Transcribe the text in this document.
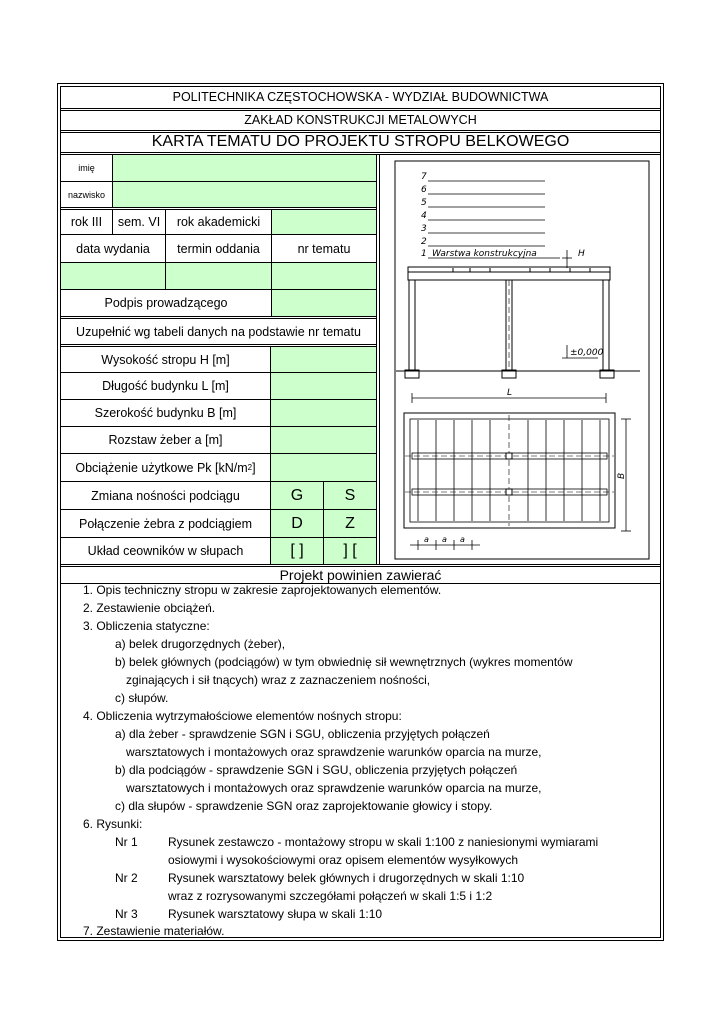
POLITECHNIKA CZĘSTOCHOWSKA - WYDZIAŁ BUDOWNICTWA
ZAKŁAD KONSTRUKCJI METALOWYCH
KARTA TEMATU DO PROJEKTU STROPU BELKOWEGO
imię
nazwisko
rok III	sem. VI	rok akademicki
data wydania	termin oddania	nr tematu
Podpis prowadzącego
Uzupełnić wg tabeli danych na podstawie nr tematu
Wysokość stropu H [m]
Długość budynku L [m]
Szerokość budynku B [m]
Rozstaw żeber a [m]
Obciążenie użytkowe Pk [kN/m 2 ]
Zmiana nośności podciągu	G	S
Połączenie żebra z podciągiem	D	Z
Układ ceowników w słupach	[ ]	] [
7
6
5
4
3
2
1 Warstwa konstrukcyjna	H
±0,000
L
B
a a a
Projekt powinien zawierać
1. Opis techniczny stropu w zakresie zaprojektowanych elementów.
2. Zestawienie obciążeń.
3. Obliczenia statyczne:
a) belek drugorzędnych (żeber),
b) belek głównych (podciągów) w tym obwiednię sił wewnętrznych (wykres momentów
zginających i sił tnących) wraz z zaznaczeniem nośności,
c) słupów.
4. Obliczenia wytrzymałościowe elementów nośnych stropu:
a) dla żeber - sprawdzenie SGN i SGU, obliczenia przyjętych połączeń
warsztatowych i montażowych oraz sprawdzenie warunków oparcia na murze,
b) dla podciągów - sprawdzenie SGN i SGU, obliczenia przyjętych połączeń
warsztatowych i montażowych oraz sprawdzenie warunków oparcia na murze,
c) dla słupów - sprawdzenie SGN oraz zaprojektowanie głowicy i stopy.
6. Rysunki:
Nr 1	Rysunek zestawczo - montażowy stropu w skali 1:100 z naniesionymi wymiarami
osiowymi i wysokościowymi oraz opisem elementów wysyłkowych
Nr 2	Rysunek warsztatowy belek głównych i drugorzędnych w skali 1:10
wraz z rozrysowanymi szczegółami połączeń w skali 1:5 i 1:2
Nr 3	Rysunek warsztatowy słupa w skali 1:10
7. Zestawienie materiałów.
